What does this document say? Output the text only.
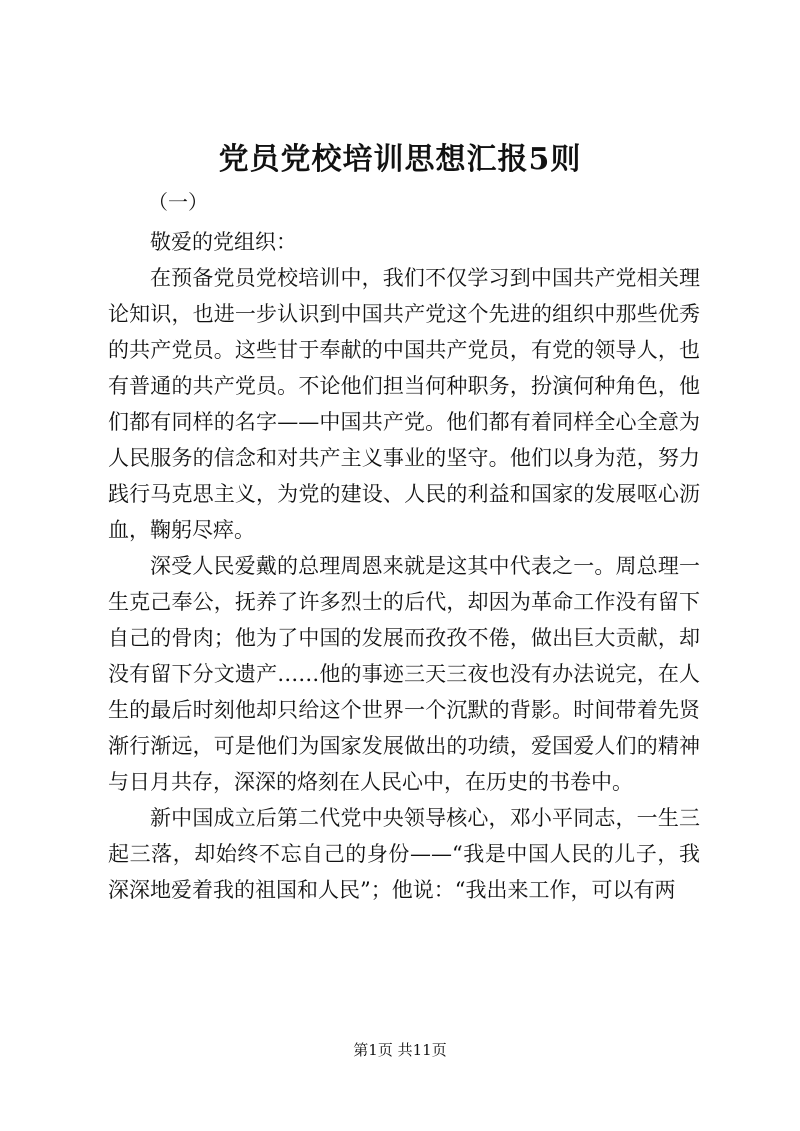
党员党校培训思想汇报5则
（一）

敬爱的党组织：

在预备党员党校培训中，我们不仅学习到中国共产党相关理论知识，也进一步认识到中国共产党这个先进的组织中那些优秀的共产党员。这些甘于奉献的中国共产党员，有党的领导人，也有普通的共产党员。不论他们担当何种职务，扮演何种角色，他们都有同样的名字——中国共产党。他们都有着同样全心全意为人民服务的信念和对共产主义事业的坚守。他们以身为范，努力践行马克思主义，为党的建设、人民的利益和国家的发展呕心沥血，鞠躬尽瘁。

深受人民爱戴的总理周恩来就是这其中代表之一。周总理一生克己奉公，抚养了许多烈士的后代，却因为革命工作没有留下自己的骨肉；他为了中国的发展而孜孜不倦，做出巨大贡献，却没有留下分文遗产……他的事迹三天三夜也没有办法说完，在人生的最后时刻他却只给这个世界一个沉默的背影。时间带着先贤渐行渐远，可是他们为国家发展做出的功绩，爱国爱人们的精神与日月共存，深深的烙刻在人民心中，在历史的书卷中。

新中国成立后第二代党中央领导核心，邓小平同志，一生三起三落，却始终不忘自己的身份——“我是中国人民的儿子，我深深地爱着我的祖国和人民”；他说：“我出来工作，可以有两

第1页 共11页
